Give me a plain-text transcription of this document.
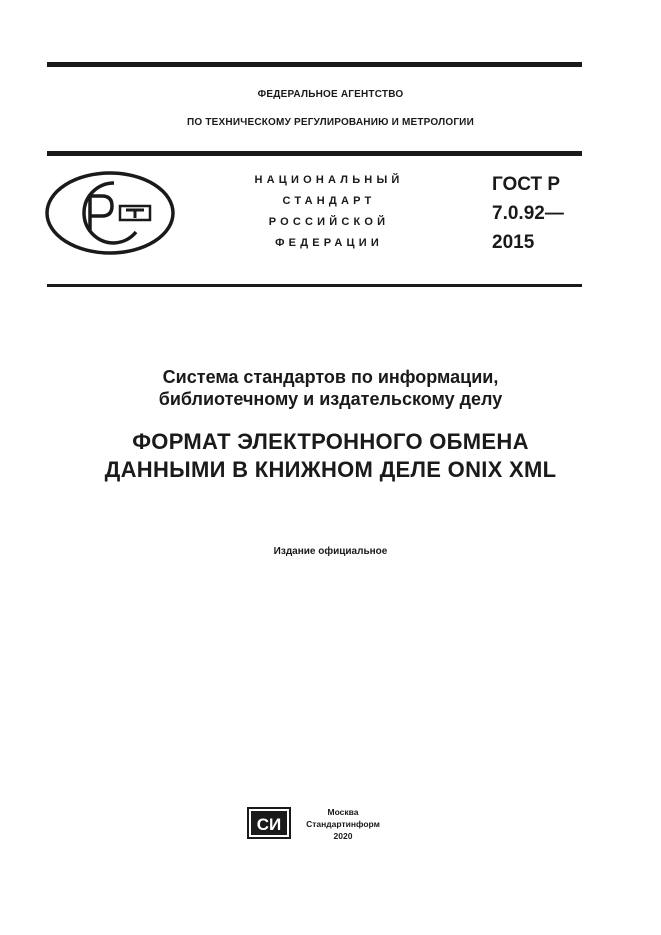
ФЕДЕРАЛЬНОЕ АГЕНТСТВО
ПО ТЕХНИЧЕСКОМУ РЕГУЛИРОВАНИЮ И МЕТРОЛОГИИ
НАЦИОНАЛЬНЫЙ
СТАНДАРТ
РОССИЙСКОЙ
ФЕДЕРАЦИИ
ГОСТ Р
7.0.92—
2015
Система стандартов по информации,
библиотечному и издательскому делу
ФОРМАТ ЭЛЕКТРОННОГО ОБМЕНА
ДАННЫМИ В КНИЖНОМ ДЕЛЕ ONIX XML
Издание официальное
СИ
Москва
Стандартинформ
2020
